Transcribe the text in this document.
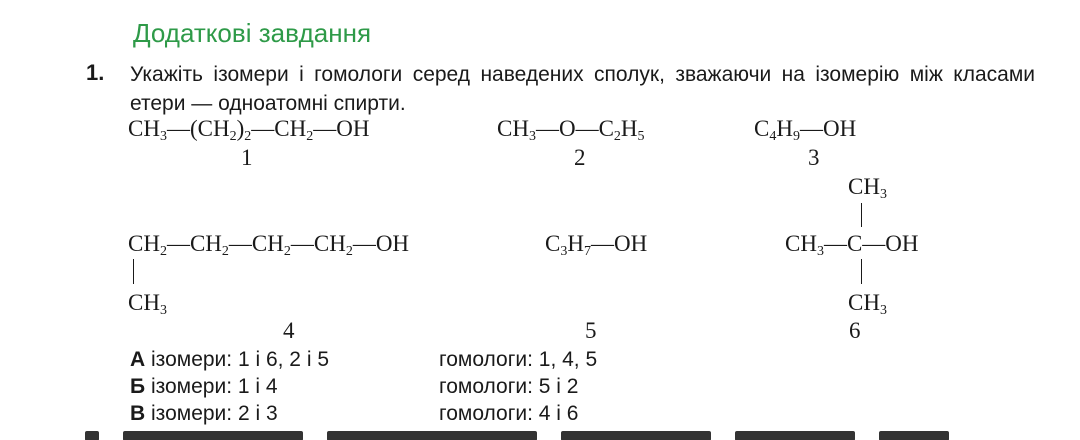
Додаткові завдання
1. Укажіть ізомери і гомологи серед наведених сполук, зважаючи на ізомерію між класами етери — одноатомні спирти.
$CH_3—(CH_2)_2—CH_2—OH$
1
$CH_3—O—C_2H_5$
2
$C_4H_9—OH$
3
$CH_2—CH_2—CH_2—CH_2—OH$
$CH_3$
4
$C_3H_7—OH$
5
$CH_3$
$CH_3—C—OH$
$CH_3$
6
А ізомери: 1 і 6, 2 і 5	гомологи: 1, 4, 5
Б ізомери: 1 і 4	гомологи: 5 і 2
В ізомери: 2 і 3	гомологи: 4 і 6
